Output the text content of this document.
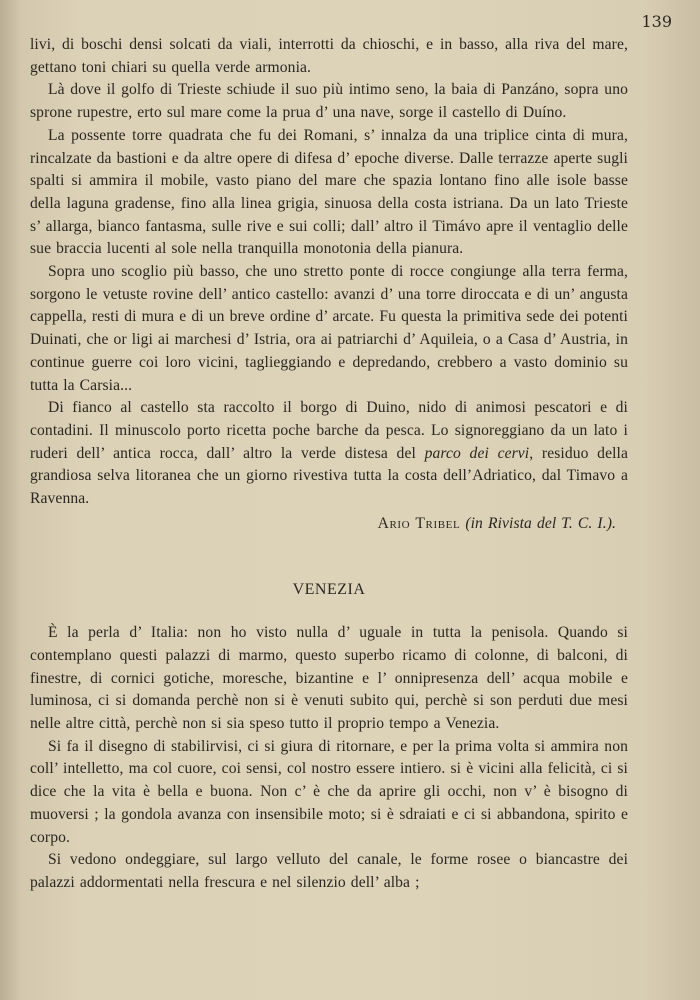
139

livi, di boschi densi solcati da viali, interrotti da chioschi, e in basso, alla riva del mare, gettano toni chiari su quella verde armonia.

Là dove il golfo di Trieste schiude il suo più intimo seno, la baia di Panzáno, sopra uno sprone rupestre, erto sul mare come la prua d’ una nave, sorge il castello di Duíno.

La possente torre quadrata che fu dei Romani, s’ innalza da una triplice cinta di mura, rincalzate da bastioni e da altre opere di difesa d’ epoche diverse. Dalle terrazze aperte sugli spalti si ammira il mobile, vasto piano del mare che spazia lontano fino alle isole basse della laguna gradense, fino alla linea grigia, sinuosa della costa istriana. Da un lato Trieste s’ allarga, bianco fantasma, sulle rive e sui colli; dall’ altro il Timávo apre il ventaglio delle sue braccia lucenti al sole nella tranquilla monotonia della pianura.

Sopra uno scoglio più basso, che uno stretto ponte di rocce congiunge alla terra ferma, sorgono le vetuste rovine dell’ antico castello: avanzi d’ una torre diroccata e di un’ angusta cappella, resti di mura e di un breve ordine d’ arcate. Fu questa la primitiva sede dei potenti Duinati, che or ligi ai marchesi d’ Istria, ora ai patriarchi d’ Aquileia, o a Casa d’ Austria, in continue guerre coi loro vicini, taglieggiando e depredando, crebbero a vasto dominio su tutta la Carsia...

Di fianco al castello sta raccolto il borgo di Duino, nido di animosi pescatori e di contadini. Il minuscolo porto ricetta poche barche da pesca. Lo signoreggiano da un lato i ruderi dell’ antica rocca, dall’ altro la verde distesa del parco dei cervi, residuo della grandiosa selva litoranea che un giorno rivestiva tutta la costa dell’Adriatico, dal Timavo a Ravenna.

Ario Tribel (in Rivista del T. C. I.).
VENEZIA

È la perla d’ Italia: non ho visto nulla d’ uguale in tutta la penisola. Quando si contemplano questi palazzi di marmo, questo superbo ricamo di colonne, di balconi, di finestre, di cornici gotiche, moresche, bizantine e l’ onnipresenza dell’ acqua mobile e luminosa, ci si domanda perchè non si è venuti subito qui, perchè si son perduti due mesi nelle altre città, perchè non si sia speso tutto il proprio tempo a Venezia.

Si fa il disegno di stabilirvisi, ci si giura di ritornare, e per la prima volta si ammira non coll’ intelletto, ma col cuore, coi sensi, col nostro essere intiero. si è vicini alla felicità, ci si dice che la vita è bella e buona. Non c’ è che da aprire gli occhi, non v’ è bisogno di muoversi ; la gondola avanza con insensibile moto; si è sdraiati e ci si abbandona, spirito e corpo.

Si vedono ondeggiare, sul largo velluto del canale, le forme rosee o biancastre dei palazzi addormentati nella frescura e nel silenzio dell’ alba ;
